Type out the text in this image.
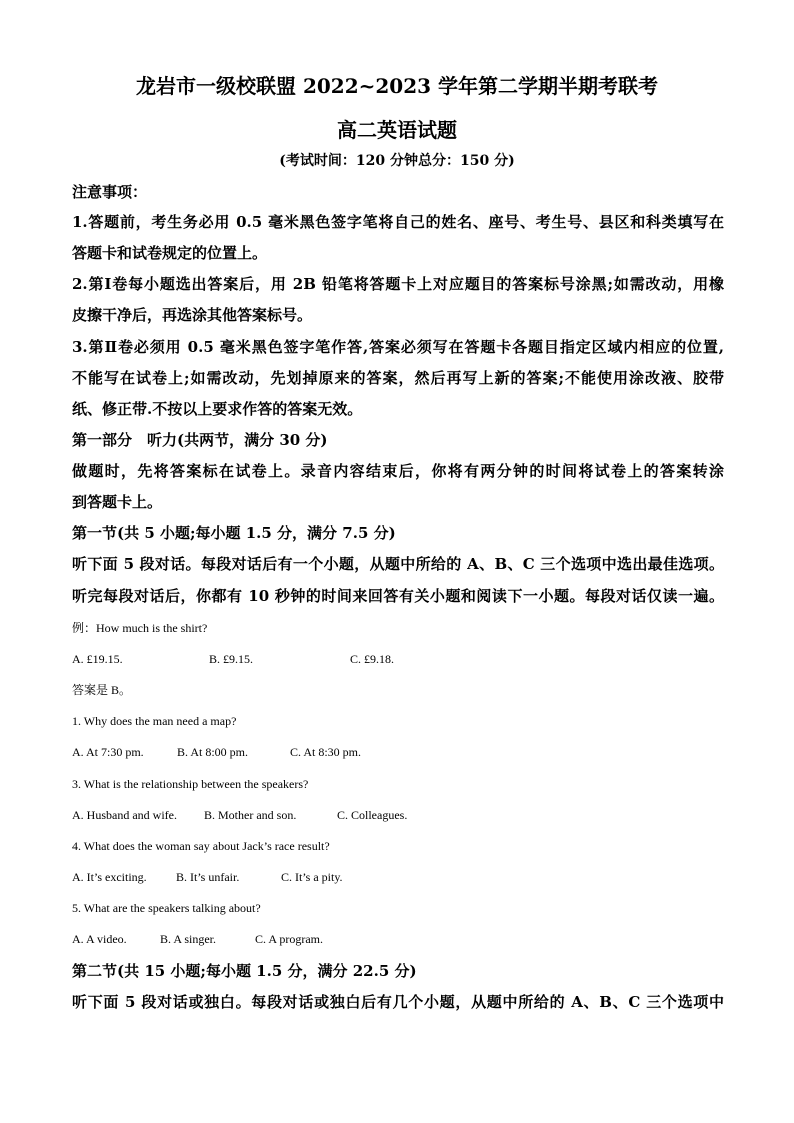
龙岩市一级校联盟 2022~2023 学年第二学期半期考联考
高二英语试题
(考试时间：120 分钟总分：150 分)
注意事项：
1.答题前，考生务必用 0.5 毫米黑色签字笔将自己的姓名、座号、考生号、县区和科类填写在
答题卡和试卷规定的位置上。
2.第Ⅰ卷每小题选出答案后，用 2B 铅笔将答题卡上对应题目的答案标号涂黑;如需改动，用橡
皮擦干净后，再选涂其他答案标号。
3.第Ⅱ卷必须用 0.5 毫米黑色签字笔作答,答案必须写在答题卡各题目指定区域内相应的位置,
不能写在试卷上;如需改动，先划掉原来的答案，然后再写上新的答案;不能使用涂改液、胶带
纸、修正带.不按以上要求作答的答案无效。
第一部分　听力(共两节，满分 30 分)
做题时，先将答案标在试卷上。录音内容结束后，你将有两分钟的时间将试卷上的答案转涂
到答题卡上。
第一节(共 5 小题;每小题 1.5 分，满分 7.5 分)
听下面 5 段对话。每段对话后有一个小题，从题中所给的 A、B、C 三个选项中选出最佳选项。
听完每段对话后，你都有 10 秒钟的时间来回答有关小题和阅读下一小题。每段对话仅读一遍。
例：How much is the shirt?
A. £19.15.	B. £9.15.	C. £9.18.
答案是 B。
1. Why does the man need a map?
A. At 7:30 pm.	B. At 8:00 pm.	C. At 8:30 pm.
3. What is the relationship between the speakers?
A. Husband and wife. B. Mother and son.	C. Colleagues.
4. What does the woman say about Jack’s race result?
A. It’s exciting. B. It’s unfair.	C. It’s a pity.
5. What are the speakers talking about?
A. A video.	B. A singer.	C. A program.
第二节(共 15 小题;每小题 1.5 分，满分 22.5 分)
听下面 5 段对话或独白。每段对话或独白后有几个小题，从题中所给的 A、B、C 三个选项中
